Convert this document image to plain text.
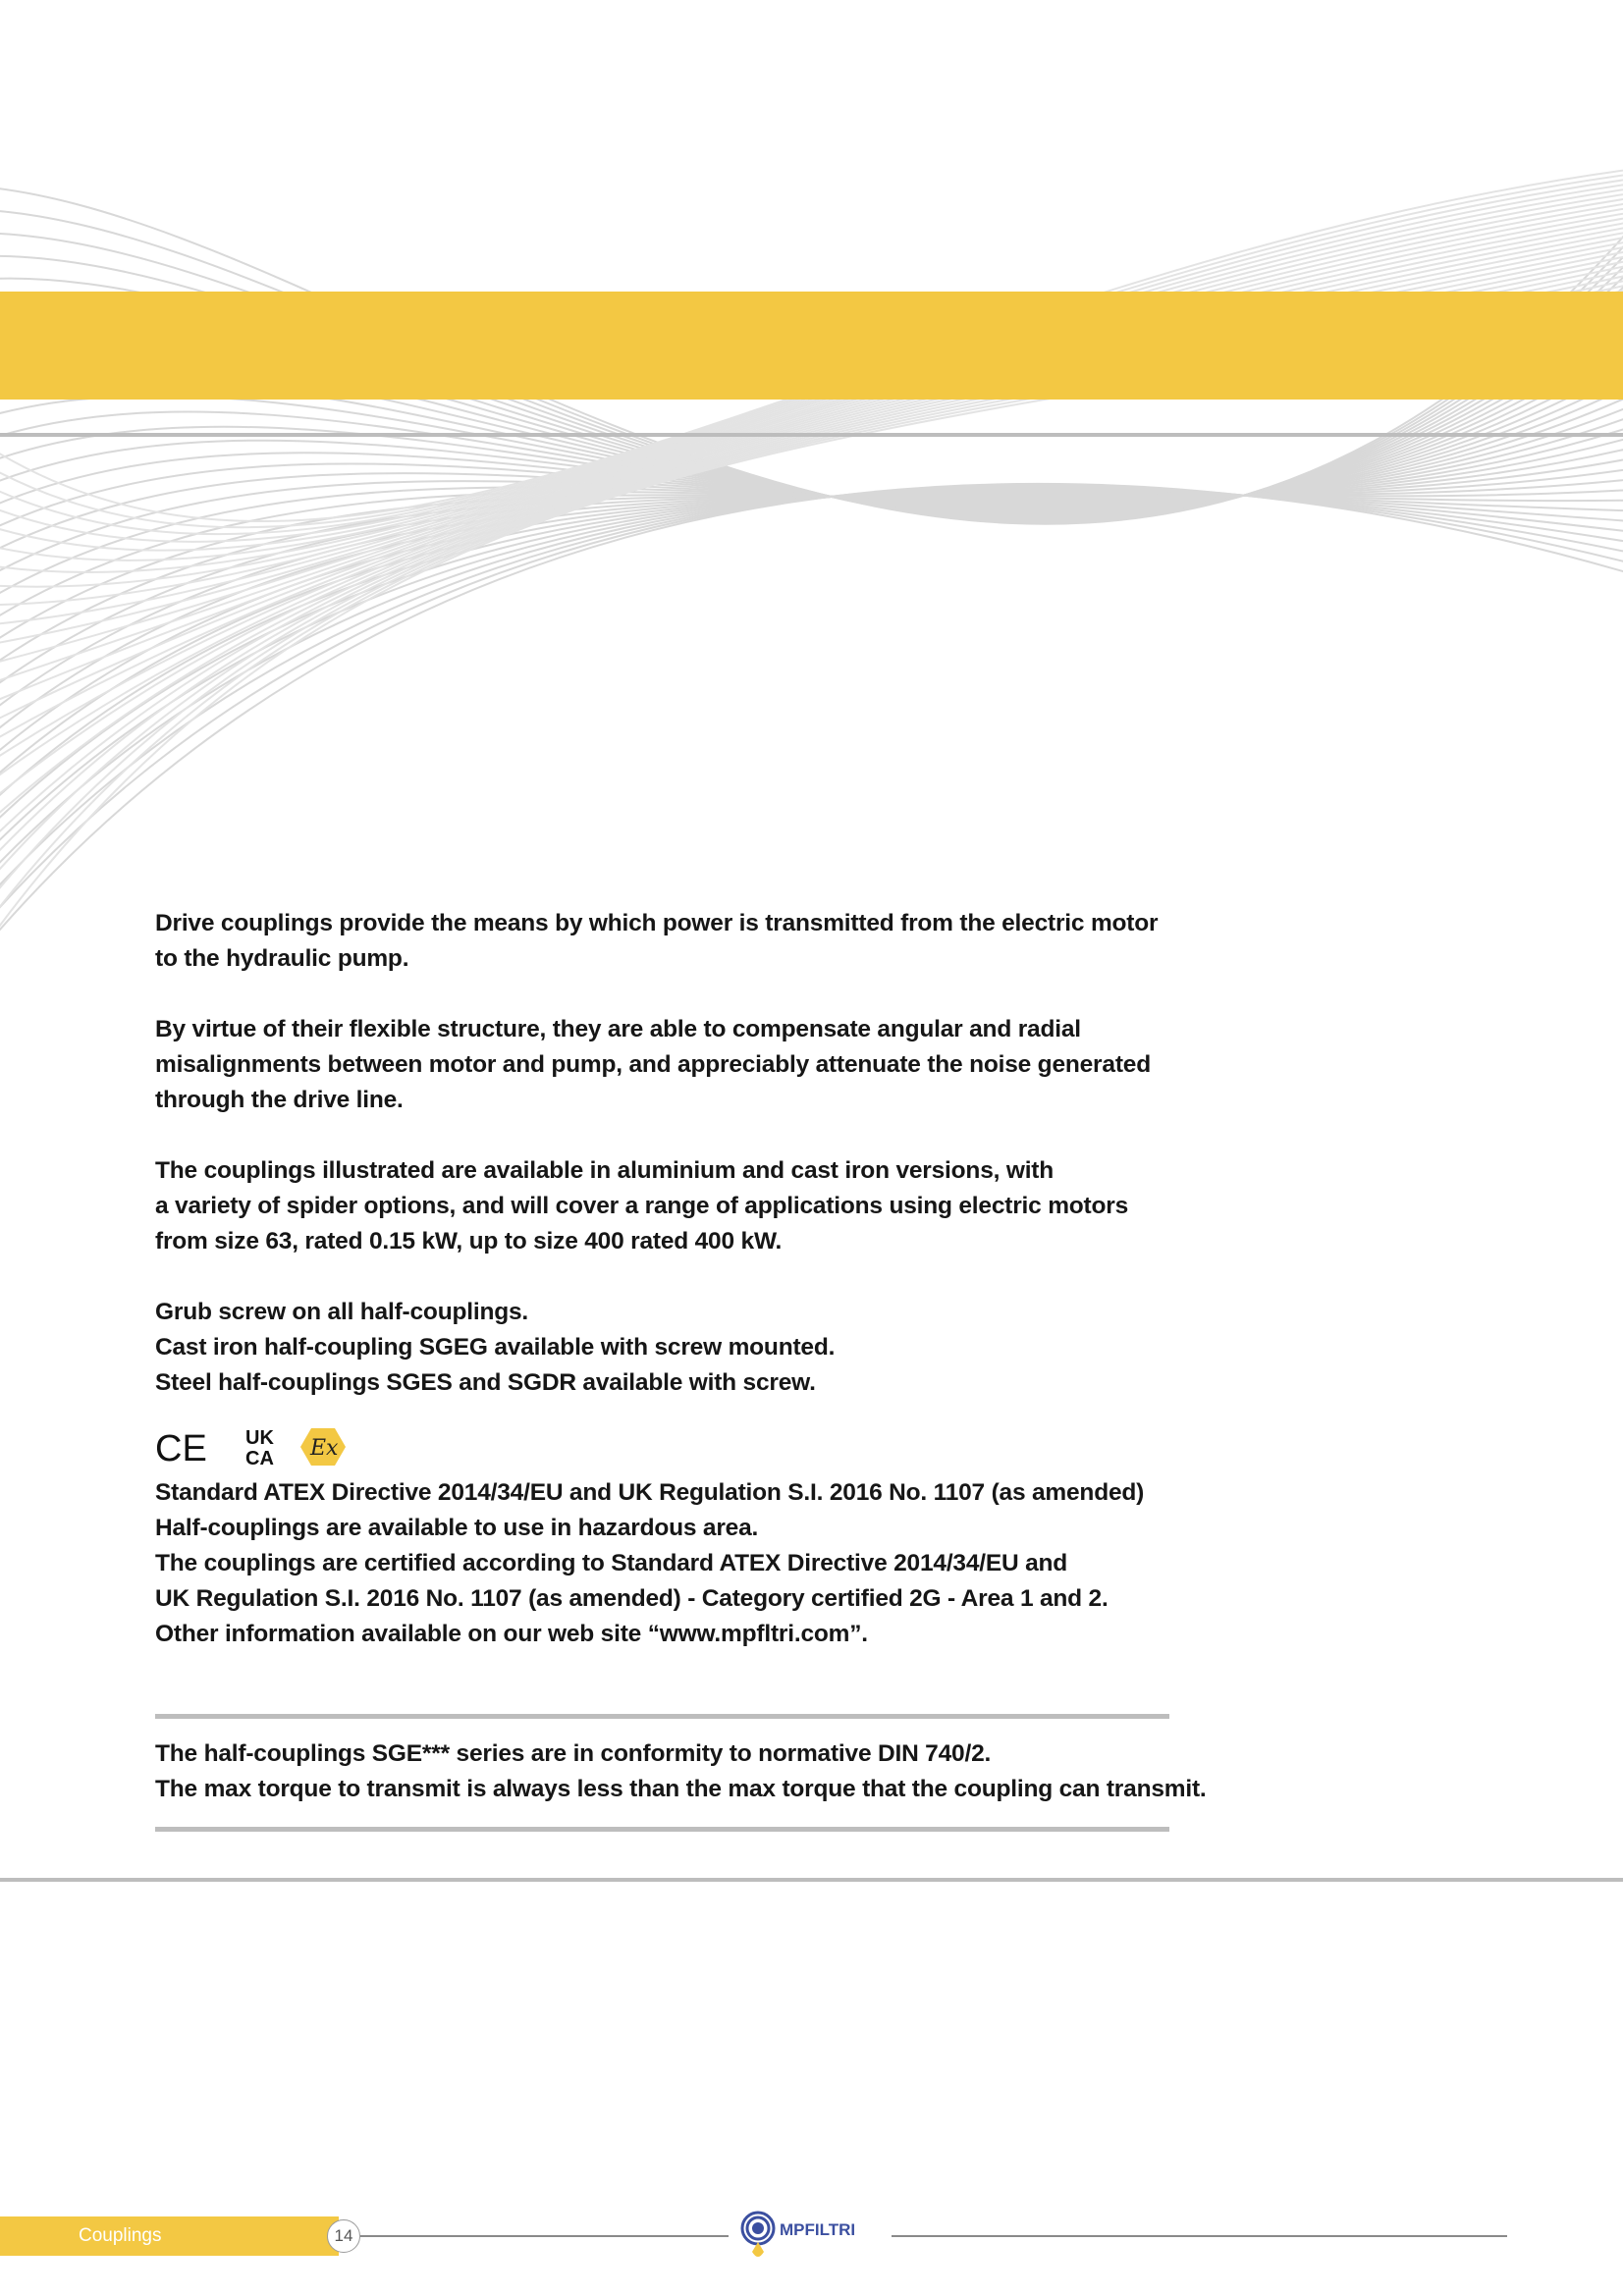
Drive couplings provide the means by which power is transmitted from the electric motor
to the hydraulic pump.

By virtue of their flexible structure, they are able to compensate angular and radial
misalignments between motor and pump, and appreciably attenuate the noise generated
through the drive line.

The couplings illustrated are available in aluminium and cast iron versions, with
a variety of spider options, and will cover a range of applications using electric motors
from size 63, rated 0.15 kW, up to size 400 rated 400 kW.

Grub screw on all half-couplings.
Cast iron half-coupling SGEG available with screw mounted.
Steel half-couplings SGES and SGDR available with screw.

CE UK
CA Ex

Standard ATEX Directive 2014/34/EU and UK Regulation S.I. 2016 No. 1107 (as amended)
Half-couplings are available to use in hazardous area.
The couplings are certified according to Standard ATEX Directive 2014/34/EU and
UK Regulation S.I. 2016 No. 1107 (as amended) - Category certified 2G - Area 1 and 2.
Other information available on our web site “www.mpfltri.com”.

The half-couplings SGE*** series are in conformity to normative DIN 740/2.
The max torque to transmit is always less than the max torque that the coupling can transmit.

Couplings	14	MPFILTRI
